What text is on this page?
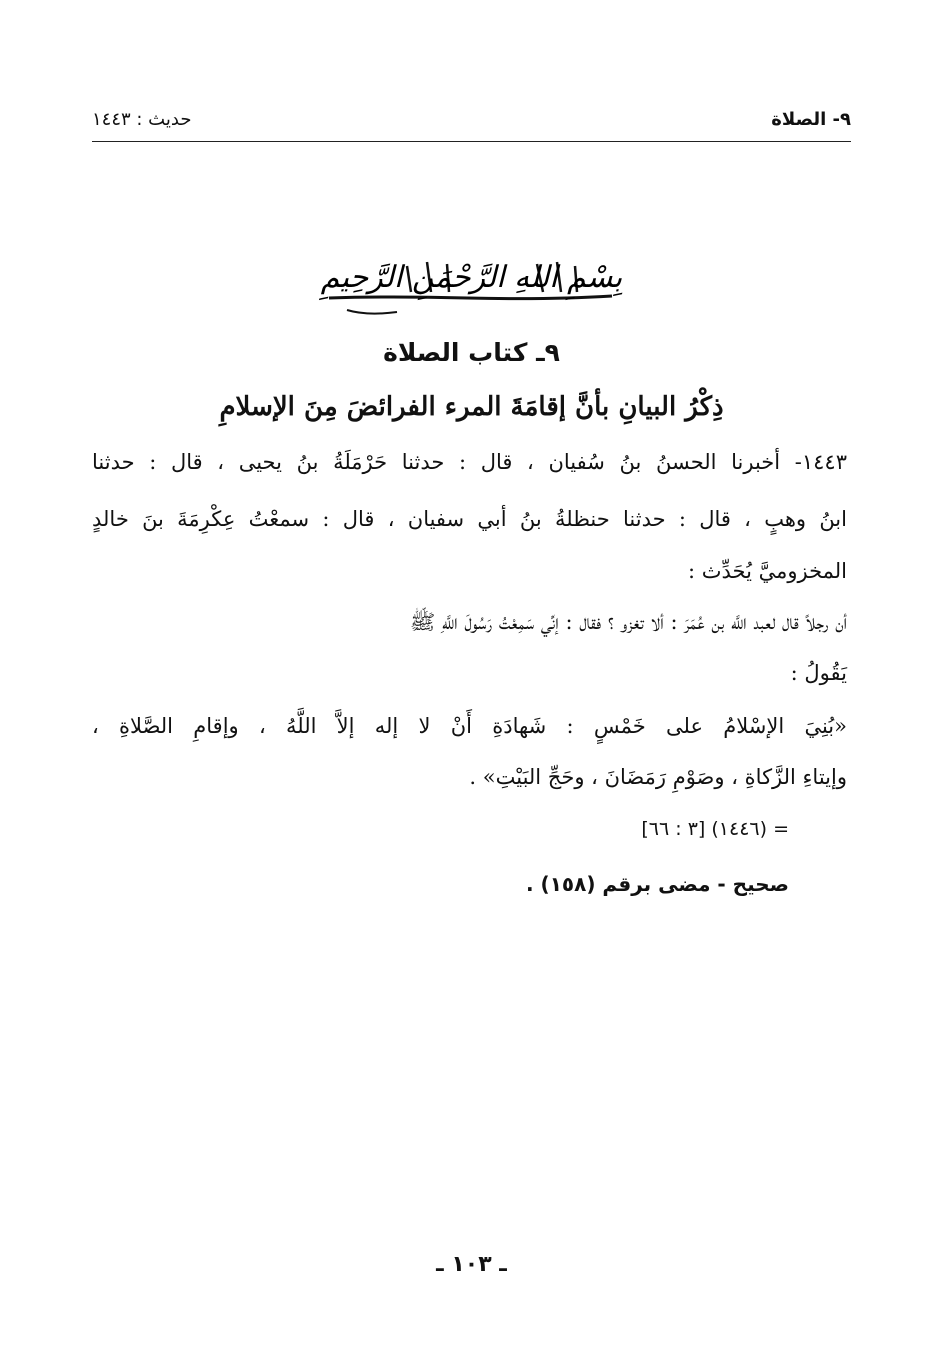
٩- الصلاة
حديث : ١٤٤٣
بِسْمِ اللهِ الرَّحْمَنِ الرَّحِيمِ
٩ـ كتاب الصلاة
ذِكْرُ البيانِ بأنَّ إقامَةَ المرء الفرائضَ مِنَ الإسلامِ
١٤٤٣- أخبرنا الحسنُ بنُ سُفيان ، قال : حدثنا حَرْمَلَةُ بنُ يحيى ، قال : حدثنا
ابنُ وهبٍ ، قال : حدثنا حنظلةُ بنُ أبي سفيان ، قال : سمعْتُ عِكْرِمَةَ بنَ خالدٍ
المخزوميَّ يُحَدِّث :
أن رجلاً قال لعبد اللَّه بن عُمَرَ : ألا تغزو ؟ فقال : إنِّي سَمِعْتُ رَسُولَ اللَّهِ ﷺ
يَقُولُ :
«بُنِيَ الإسْلامُ على خَمْسٍ : شَهادَةِ أَنْ لا إله إلاَّ اللَّهُ ، وإقامِ الصَّلاةِ ،
وإيتاءِ الزَّكاةِ ، وصَوْمِ رَمَضَانَ ، وحَجِّ البَيْتِ» .
= (١٤٤٦) [٣ : ٦٦]
صحيح - مضى برقم (١٥٨) .
ـ ١٠٣ ـ
